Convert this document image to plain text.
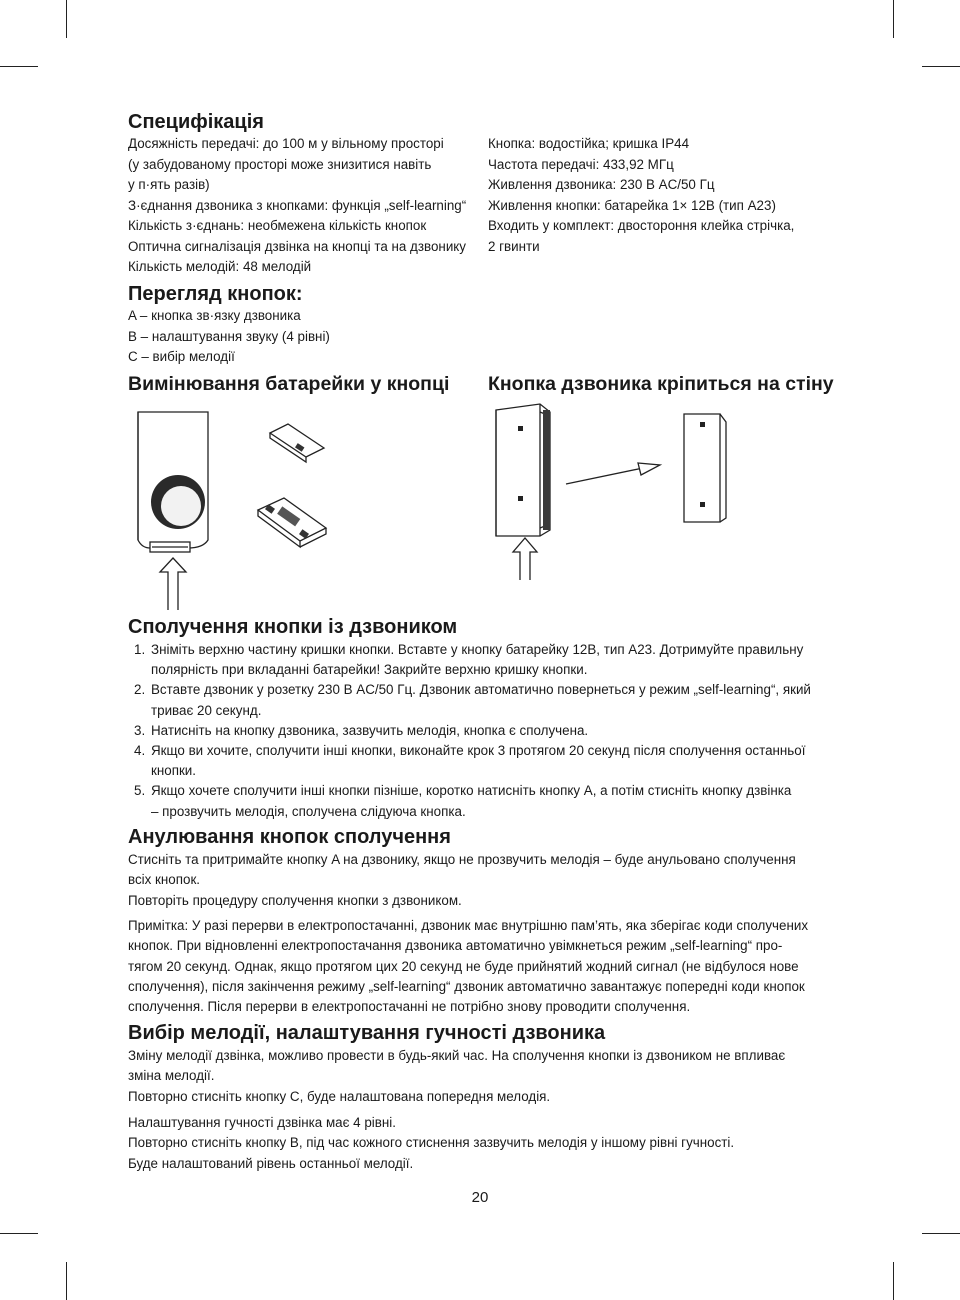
Специфікація
Досяжність передачі: до 100 м у вільному просторі
(у забудованому просторі може знизитися навіть
у п·ять разів)
З·єднання дзвоника з кнопками: функція „self-learning“
Кількість з·єднань: необмежена кількість кнопок
Оптична сигналізація дзвінка на кнопці та на дзвонику
Кількість мелодій: 48 мелодій
Кнопка: водостійка; кришка IP44
Частота передачі: 433,92 МГц
Живлення дзвоника: 230 В AC/50 Гц
Живлення кнопки: батарейка 1× 12В (тип A23)
Входить у комплект: двостороння клейка стрічка,
2 гвинти
Перегляд кнопок:
A – кнопка зв·язку дзвоника
B – налаштування звуку (4 рівні)
C – вибір мелодії
Вимінювання батарейки у кнопці Кнопка дзвоника кріпиться на стіну
Сполучення кнопки із дзвоником
1. Зніміть верхню частину кришки кнопки. Вставте у кнопку батарейку 12В, тип A23. Дотримуйте правильну
полярність при вкладанні батарейки! Закрийте верхню кришку кнопки.
2. Вставте дзвоник у розетку 230 В AC/50 Гц. Дзвоник автоматично повернеться у режим „self-learning“, який
триває 20 секунд.
3. Натисніть на кнопку дзвоника, зазвучить мелодія, кнопка є сполучена.
4. Якщо ви хочите, сполучити інші кнопки, виконайте крок 3 протягом 20 секунд після сполучення останньої
кнопки.
5. Якщо хочете сполучити інші кнопки пізніше, коротко натисніть кнопку A, а потім стисніть кнопку дзвінка
– прозвучить мелодія, сполучена слідуюча кнопка.
Анулювання кнопок сполучення
Стисніть та притримайте кнопку A на дзвонику, якщо не прозвучить мелодія – буде анульовано сполучення
всіх кнопок.
Повторіть процедуру сполучення кнопки з дзвоником.
Примітка: У разі перерви в електропостачанні, дзвоник має внутрішню пам’ять, яка зберігає коди сполучених
кнопок. При відновленні електропостачання дзвоника автоматично увімкнеться режим „self-learning“ про-
тягом 20 секунд. Однак, якщо протягом цих 20 секунд не буде прийнятий жодний сигнал (не відбулося нове
сполучення), після закінчення режиму „self-learning“ дзвоник автоматично завантажує попередні коди кнопок
сполучення. Після перерви в електропостачанні не потрібно знову проводити сполучення.
Вибір мелодії, налаштування гучності дзвоника
Зміну мелодії дзвінка, можливо провести в будь-який час. На сполучення кнопки із дзвоником не впливає
зміна мелодії.
Повторно стисніть кнопку C, буде налаштована попередня мелодія.
Налаштування гучності дзвінка має 4 рівні.
Повторно стисніть кнопку B, під час кожного стиснення зазвучить мелодія у іншому рівні гучності.
Буде налаштований рівень останньої мелодії.
20
